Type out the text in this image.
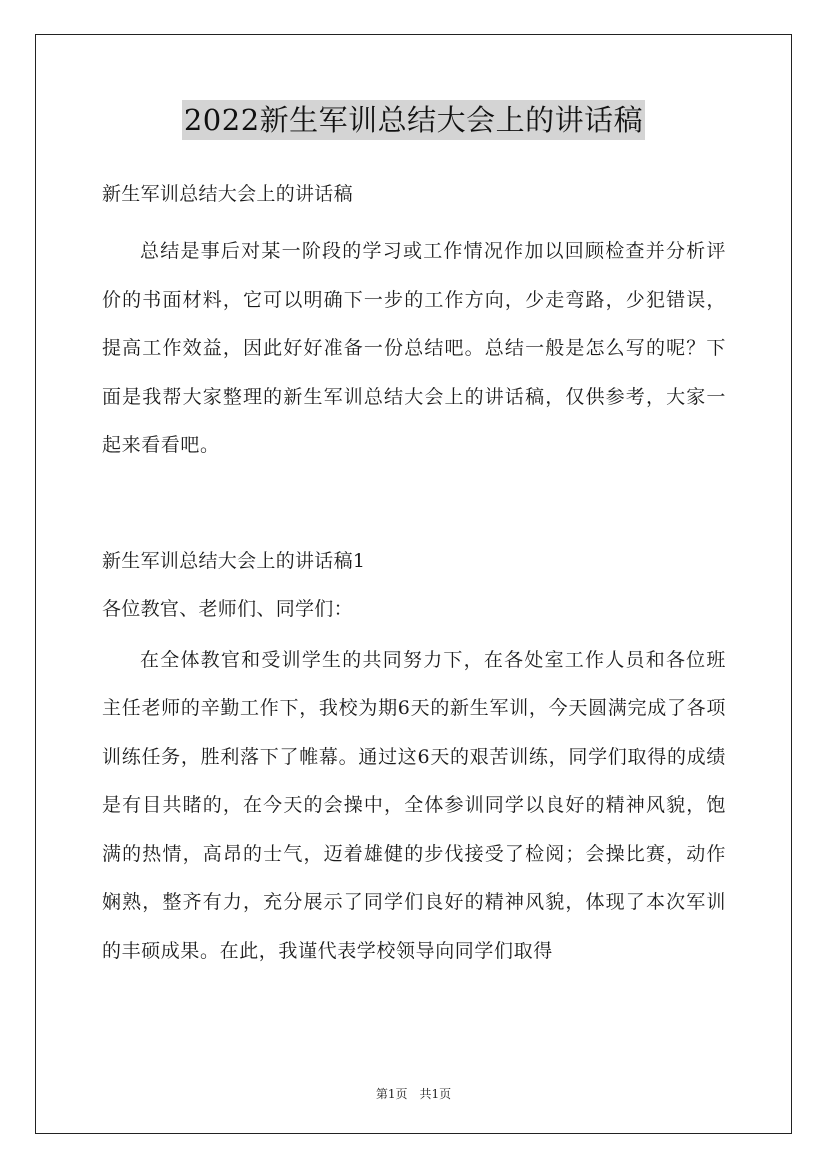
2022新生军训总结大会上的讲话稿

新生军训总结大会上的讲话稿

总结是事后对某一阶段的学习或工作情况作加以回顾检查并分析评价的书面材料，它可以明确下一步的工作方向，少走弯路，少犯错误，提高工作效益，因此好好准备一份总结吧。总结一般是怎么写的呢？下面是我帮大家整理的新生军训总结大会上的讲话稿，仅供参考，大家一起来看看吧。

新生军训总结大会上的讲话稿1

各位教官、老师们、同学们：

在全体教官和受训学生的共同努力下，在各处室工作人员和各位班主任老师的辛勤工作下，我校为期6天的新生军训，今天圆满完成了各项训练任务，胜利落下了帷幕。通过这6天的艰苦训练，同学们取得的成绩是有目共睹的，在今天的会操中，全体参训同学以良好的精神风貌，饱满的热情，高昂的士气，迈着雄健的步伐接受了检阅；会操比赛，动作娴熟，整齐有力，充分展示了同学们良好的精神风貌，体现了本次军训的丰硕成果。在此，我谨代表学校领导向同学们取得

第1页　共1页
